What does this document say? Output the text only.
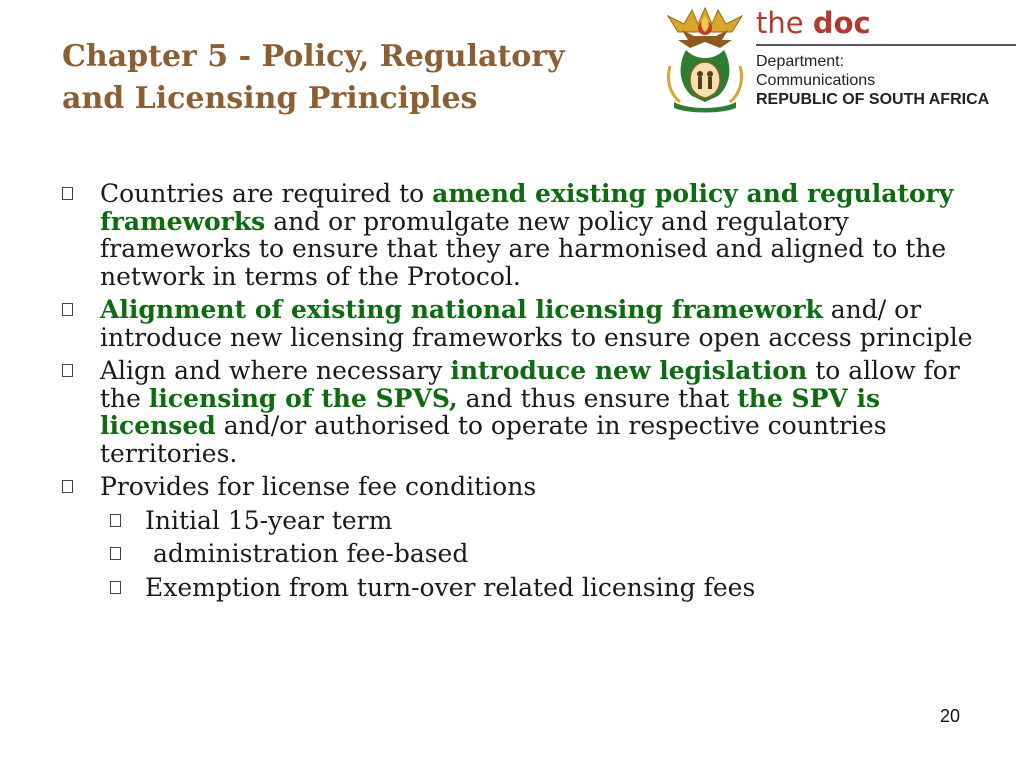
Chapter 5 - Policy, Regulatory
and Licensing Principles
the doc
Department:
Communications
REPUBLIC OF SOUTH AFRICA
Countries are required to amend existing policy and regulatory frameworks and or promulgate new policy and regulatory frameworks to ensure that they are harmonised and aligned to the network in terms of the Protocol.
Alignment of existing national licensing framework and/ or introduce new licensing frameworks to ensure open access principle
Align and where necessary introduce new legislation to allow for the licensing of the SPVS, and thus ensure that the SPV is licensed and/or authorised to operate in respective countries territories.
Provides for license fee conditions
Initial 15-year term
administration fee-based
Exemption from turn-over related licensing fees
20
